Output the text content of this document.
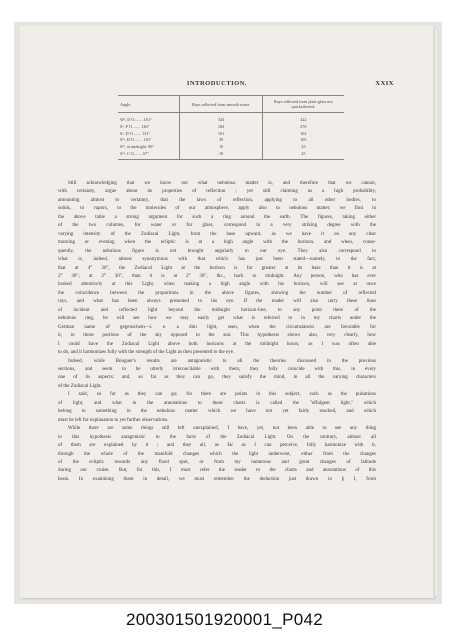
INTRODUCTION.	XXIX
Angle.	Rays reflected from smooth water.	Rays reflected from plate-glass not quicksilvered.
Wˣ, D O........ 161°	343	422
Sˣ, P O........ 146°	184	270
Sˣ, D O........ 131°	101	162
Sˣˣ, H O........ 116°	39	105
Sˣˣ, at midnight, 90°	10	25
Sˣˣ, C O........ 67°	10	25
Still acknowledging that we know not what nebulous matter is, and therefore that we cannot,
with certainty, argue about its properties of reflection ; yet still claiming as a high probability,
amounting almost to certainty, that the laws of reflection, applying to all other bodies, to
solids, to vapors, to the molecules of our atmosphere, apply also to nebulous matter, we find in
the above table a strong argument for such a ring around the earth. The figures, taking either
of the two columns, for water or for glass, correspond in a very striking degree with the
varying intensity of the Zodiacal Light, from the base upward, as we have it on any clear
morning or evening when the ecliptic is at a high angle with the horizon, and when, conse-
quently, the nebulous figure is not brought angularly to our eye. They also correspond to
what is, indeed, almost synonymous with that which has just been stated—namely, to the fact,
that at 4° 30″, the Zodiacal Light at the horizon is far greater at its base than it is at
2° 30″; at 2° 30″, than it is at 2° 30″, &c., back to midnight. Any person, who has ever
looked attentively at this Light, when making a high angle with his horizon, will see at once
the coincidence between the proportions in the above figures, showing the number of reflected
rays, and what has been always presented to his eye. If the reader will also carry these lines
of incident and reflected light beyond the midnight horizon-line, to any point there of the
nebulous ring, he will see how we may easily get what is referred to in my charts under the
German name of gegenschein—i. e. a dim light, seen, when the circumstances are favorable for
it, in those portions of the sky opposed to the sun. This hypothesis shows also, very clearly, how
I could have the Zodiacal Light above both horizons at the midnight hours, as I was often able
to do, and it harmonizes fully with the strength of the Light as then presented to the eye.
Indeed, while Bouguer's results are antagonistic to all the theories discussed in the previous
sections, and seem to be utterly irreconcilable with them, they fully coincide with this, in every
one of its aspects; and, so far as they can go, they satisfy the mind, in all the varying characters
of the Zodiacal Light.
I said, so far as they can go; for there are points in this subject, such as the pulsations
of light, and what in the annotations to these charts is called the "effulgent light," which
belong to something in the nebulous matter which we have not yet fairly reached, and which
must be left for explanation to yet further observations.
While there are some things still left unexplained, I have, yet, not been able to see any thing
in this hypothesis antagonistic to the facts of the Zodiacal Light. On the contrary, almost all
of them are explained by it ; and they all, as far as I can perceive, fully harmonize with it,
through the whole of the manifold changes which the light underwent, either from the changes
of the ecliptic towards any fixed spot, or from my numerous and great changes of latitude
during our cruise. But, for this, I must refer the reader to the charts and annotations of this
book. In examining them in detail, we must remember the deduction just drawn in § I, from
200301501920001_P042
